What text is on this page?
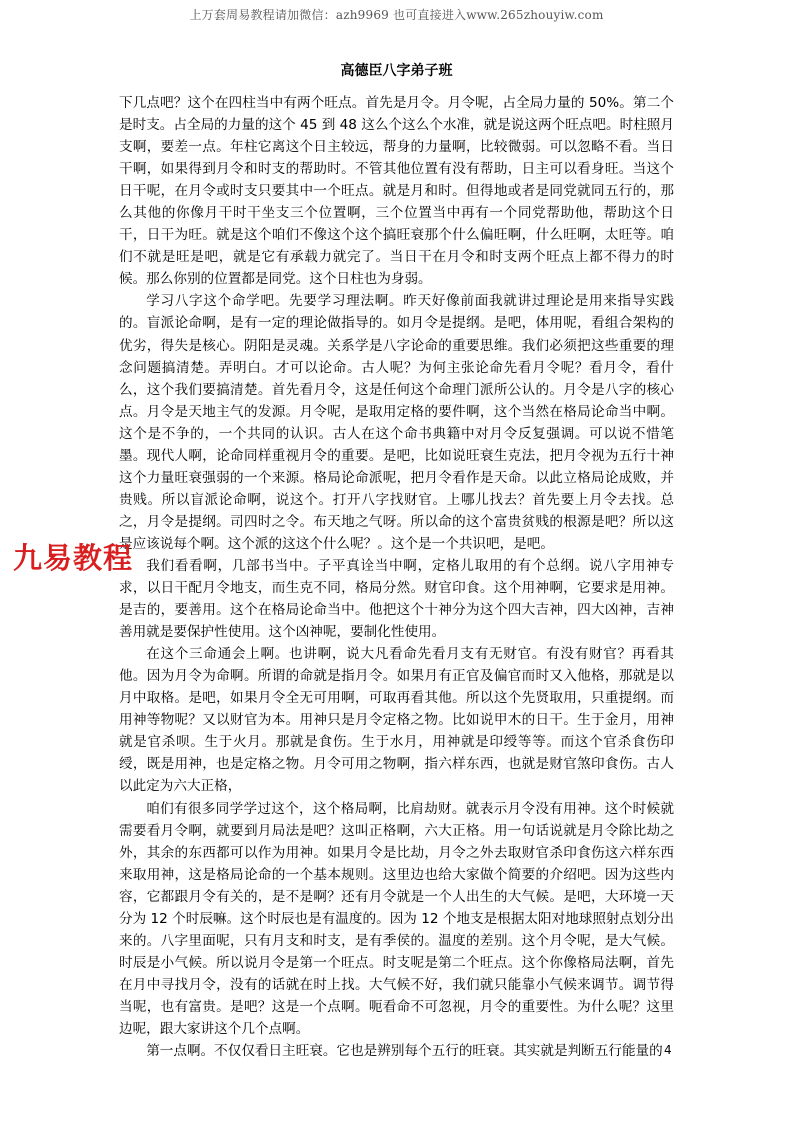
上万套周易教程请加微信：azh9969 也可直接进入www.265zhouyiw.com
高德臣八字弟子班

下几点吧？这个在四柱当中有两个旺点。首先是月令。月令呢，占全局力量的 50%。第二个是时支。占全局的力量的这个 45 到 48 这么个这么个水准，就是说这两个旺点吧。时柱照月支啊，要差一点。年柱它离这个日主较远，帮身的力量啊，比较微弱。可以忽略不看。当日干啊，如果得到月令和时支的帮助时。不管其他位置有没有帮助，日主可以看身旺。当这个日干呢，在月令或时支只要其中一个旺点。就是月和时。但得地或者是同党就同五行的，那么其他的你像月干时干坐支三个位置啊，三个位置当中再有一个同党帮助他，帮助这个日干，日干为旺。就是这个咱们不像这个这个搞旺衰那个什么偏旺啊，什么旺啊，太旺等。咱们不就是旺是吧，就是它有承载力就完了。当日干在月令和时支两个旺点上都不得力的时候。那么你别的位置都是同党。这个日柱也为身弱。

学习八字这个命学吧。先要学习理法啊。昨天好像前面我就讲过理论是用来指导实践的。盲派论命啊，是有一定的理论做指导的。如月令是提纲。是吧，体用呢，看组合架构的优劣，得失是核心。阴阳是灵魂。关系学是八字论命的重要思维。我们必须把这些重要的理念问题搞清楚。弄明白。才可以论命。古人呢？为何主张论命先看月令呢？看月令，看什么，这个我们要搞清楚。首先看月令，这是任何这个命理门派所公认的。月令是八字的核心点。月令是天地主气的发源。月令呢，是取用定格的要件啊，这个当然在格局论命当中啊。这个是不争的，一个共同的认识。古人在这个命书典籍中对月令反复强调。可以说不惜笔墨。现代人啊，论命同样重视月令的重要。是吧，比如说旺衰生克法，把月令视为五行十神这个力量旺衰强弱的一个来源。格局论命派呢，把月令看作是天命。以此立格局论成败，并贵贱。所以盲派论命啊，说这个。打开八字找财官。上哪儿找去？首先要上月令去找。总之，月令是提纲。司四时之令。布天地之气呀。所以命的这个富贵贫贱的根源是吧？所以这是应该说每个啊。这个派的这这个什么呢？。这个是一个共识吧，是吧。

我们看看啊，几部书当中。子平真诠当中啊，定格儿取用的有个总纲。说八字用神专求，以日干配月令地支，而生克不同，格局分然。财官印食。这个用神啊，它要求是用神。是吉的，要善用。这个在格局论命当中。他把这个十神分为这个四大吉神，四大凶神，吉神善用就是要保护性使用。这个凶神呢，要制化性使用。

在这个三命通会上啊。也讲啊，说大凡看命先看月支有无财官。有没有财官？再看其他。因为月令为命啊。所谓的命就是指月令。如果月有正官及偏官而时又入他格，那就是以月中取格。是吧，如果月令全无可用啊，可取再看其他。所以这个先贤取用，只重提纲。而用神等物呢？又以财官为本。用神只是月令定格之物。比如说甲木的日干。生于金月，用神就是官杀呗。生于火月。那就是食伤。生于水月，用神就是印绶等等。而这个官杀食伤印绶，既是用神，也是定格之物。月令可用之物啊，指六样东西，也就是财官煞印食伤。古人以此定为六大正格，

咱们有很多同学学过这个，这个格局啊，比肩劫财。就表示月令没有用神。这个时候就需要看月令啊，就要到月局法是吧？这叫正格啊，六大正格。用一句话说就是月令除比劫之外，其余的东西都可以作为用神。如果月令是比劫，月令之外去取财官杀印食伤这六样东西来取用神，这是格局论命的一个基本规则。这里边也给大家做个简要的介绍吧。因为这些内容，它都跟月令有关的，是不是啊？还有月令就是一个人出生的大气候。是吧，大环境一天分为 12 个时辰嘛。这个时辰也是有温度的。因为 12 个地支是根据太阳对地球照射点划分出来的。八字里面呢，只有月支和时支，是有季侯的。温度的差别。这个月令呢，是大气候。时辰是小气候。所以说月令是第一个旺点。时支呢是第二个旺点。这个你像格局法啊，首先在月中寻找月令，没有的话就在时上找。大气候不好，我们就只能靠小气候来调节。调节得当呢，也有富贵。是吧？这是一个点啊。呃看命不可忽视，月令的重要性。为什么呢？这里边呢，跟大家讲这个几个点啊。

第一点啊。不仅仅看日主旺衰。它也是辨别每个五行的旺衰。其实就是判断五行能量的

九易教程
4
